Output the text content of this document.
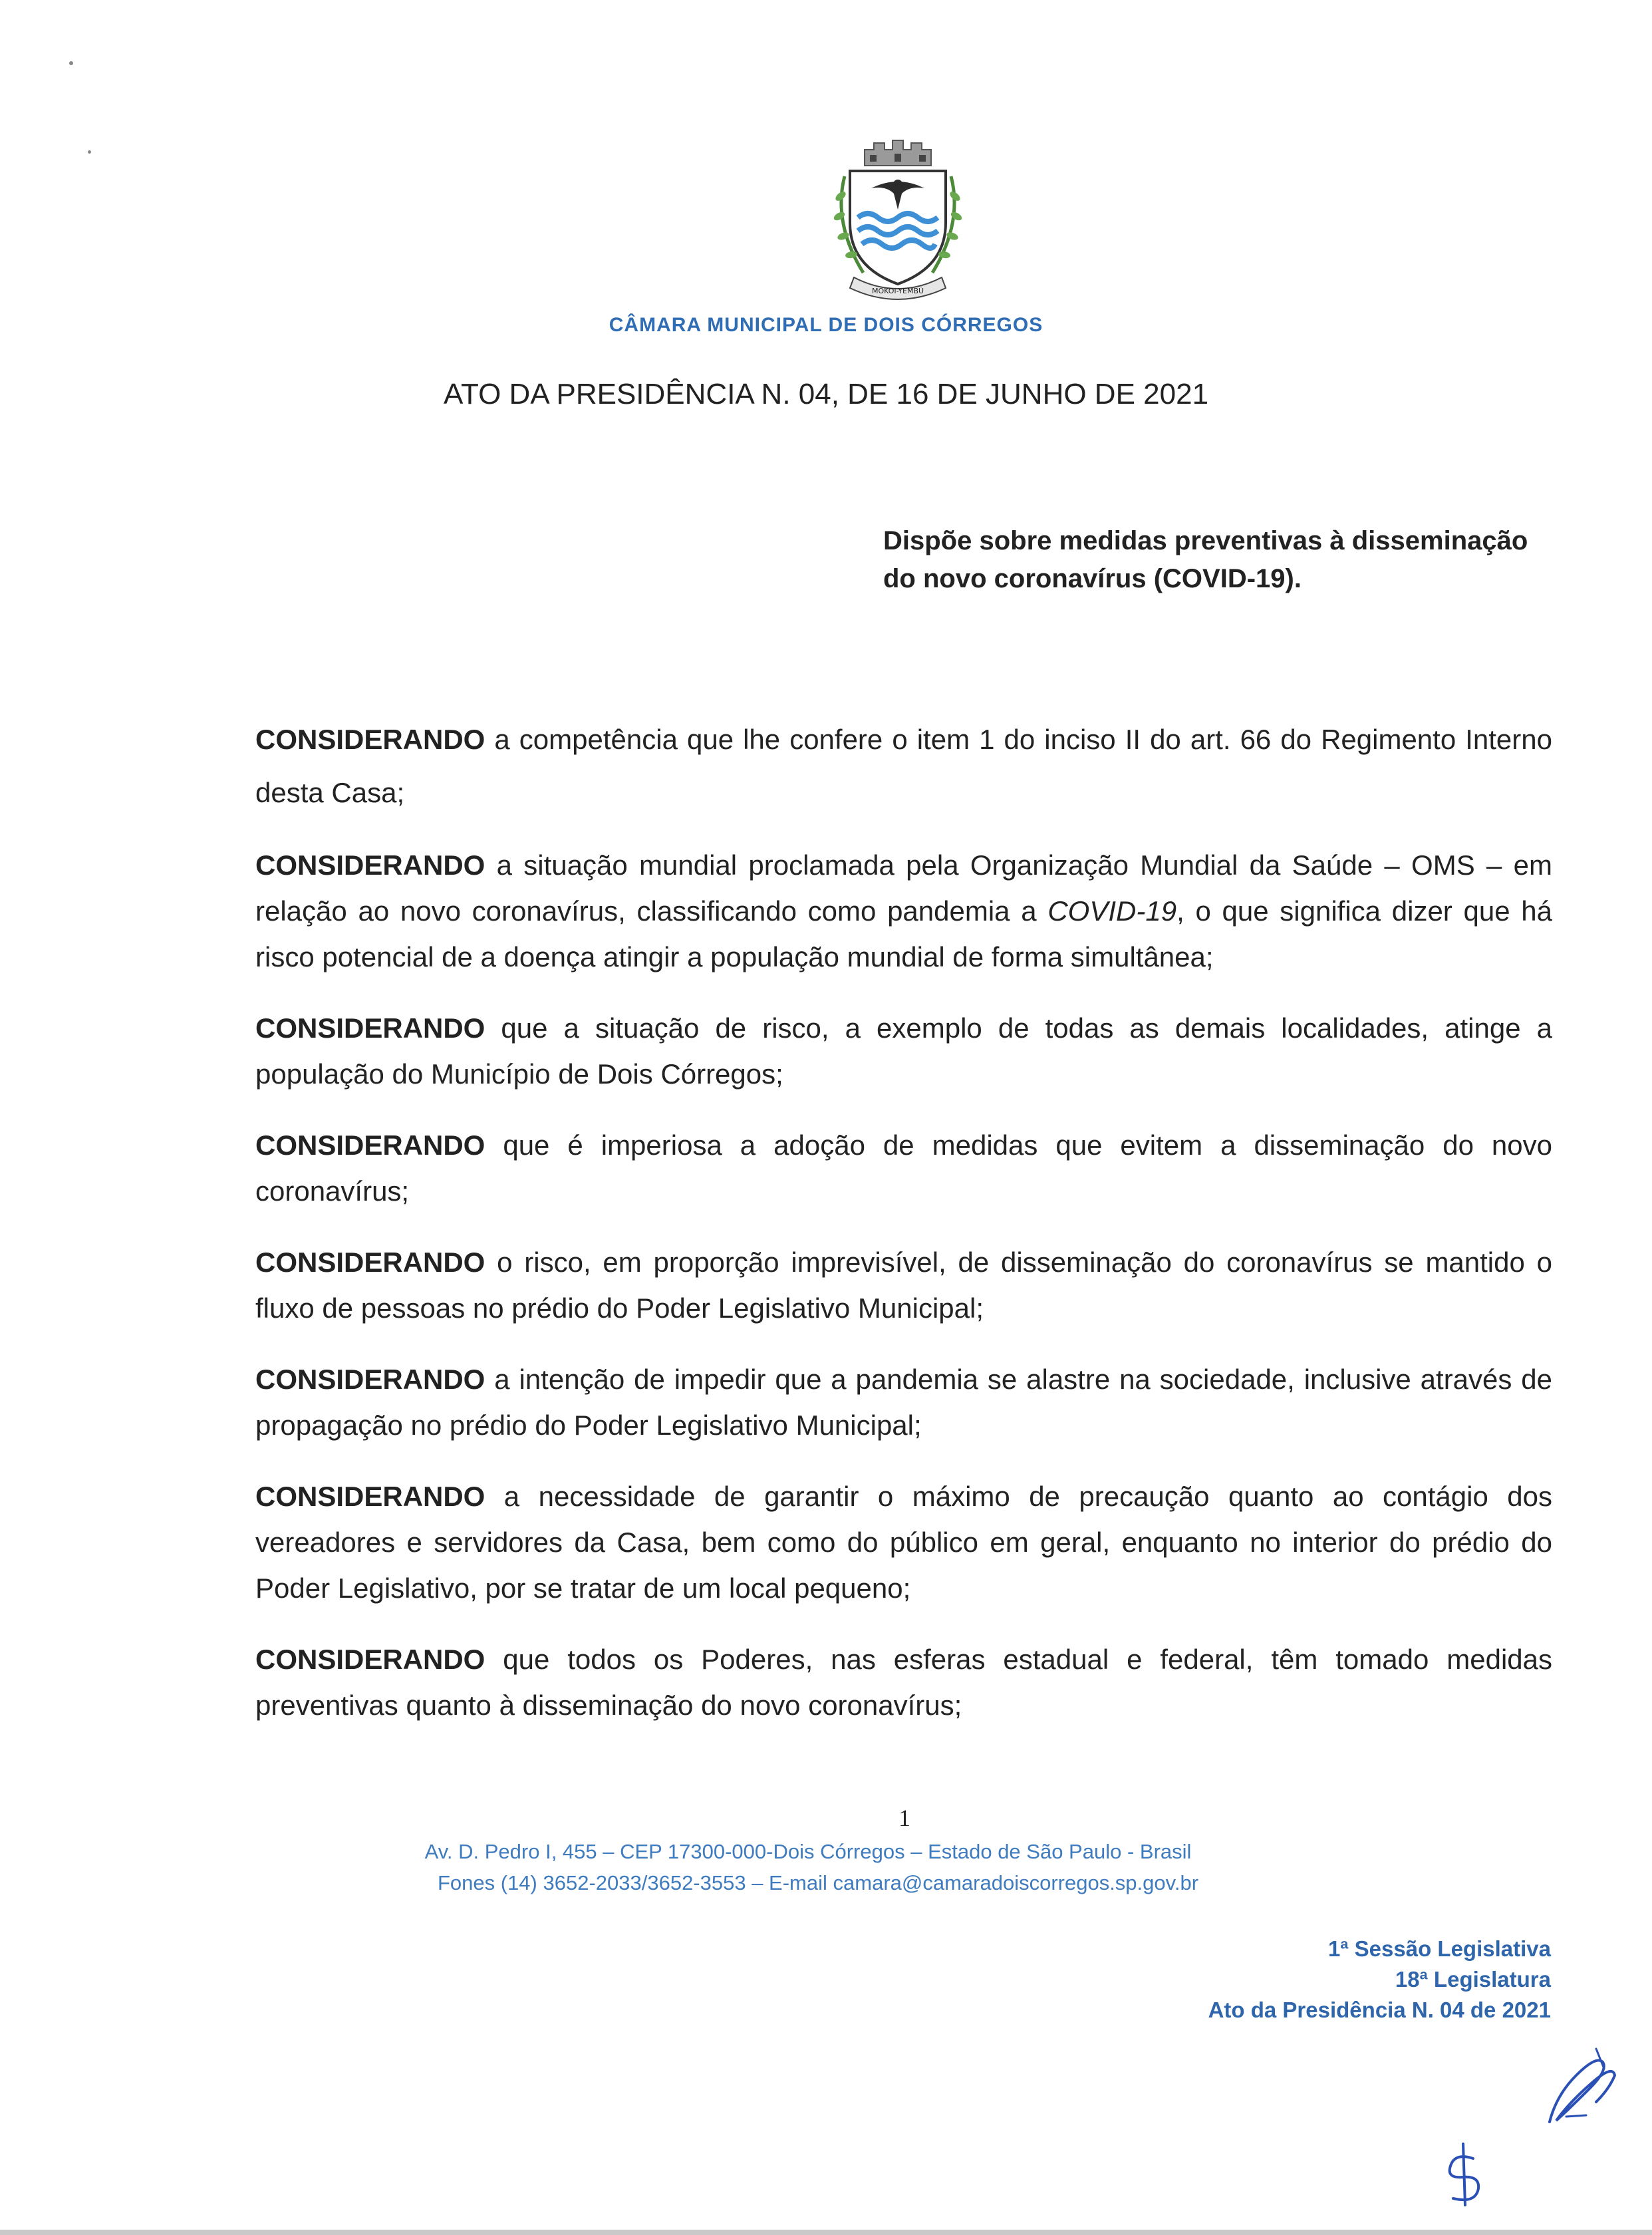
MOKOI-YEMBÚ
CÂMARA MUNICIPAL DE DOIS CÓRREGOS
ATO DA PRESIDÊNCIA N. 04, DE 16 DE JUNHO DE 2021
Dispõe sobre medidas preventivas à disseminação do novo coronavírus (COVID-19).

CONSIDERANDO a competência que lhe confere o item 1 do inciso II do art. 66 do Regimento Interno desta Casa;

CONSIDERANDO a situação mundial proclamada pela Organização Mundial da Saúde – OMS – em relação ao novo coronavírus, classificando como pandemia a COVID-19, o que significa dizer que há risco potencial de a doença atingir a população mundial de forma simultânea;

CONSIDERANDO que a situação de risco, a exemplo de todas as demais localidades, atinge a população do Município de Dois Córregos;

CONSIDERANDO que é imperiosa a adoção de medidas que evitem a disseminação do novo coronavírus;

CONSIDERANDO o risco, em proporção imprevisível, de disseminação do coronavírus se mantido o fluxo de pessoas no prédio do Poder Legislativo Municipal;

CONSIDERANDO a intenção de impedir que a pandemia se alastre na sociedade, inclusive através de propagação no prédio do Poder Legislativo Municipal;

CONSIDERANDO a necessidade de garantir o máximo de precaução quanto ao contágio dos vereadores e servidores da Casa, bem como do público em geral, enquanto no interior do prédio do Poder Legislativo, por se tratar de um local pequeno;

CONSIDERANDO que todos os Poderes, nas esferas estadual e federal, têm tomado medidas preventivas quanto à disseminação do novo coronavírus;

1
Av. D. Pedro I, 455 – CEP 17300-000-Dois Córregos – Estado de São Paulo - Brasil
Fones (14) 3652-2033/3652-3553 – E-mail camara@camaradoiscorregos.sp.gov.br
1ª Sessão Legislativa
18ª Legislatura
Ato da Presidência N. 04 de 2021
